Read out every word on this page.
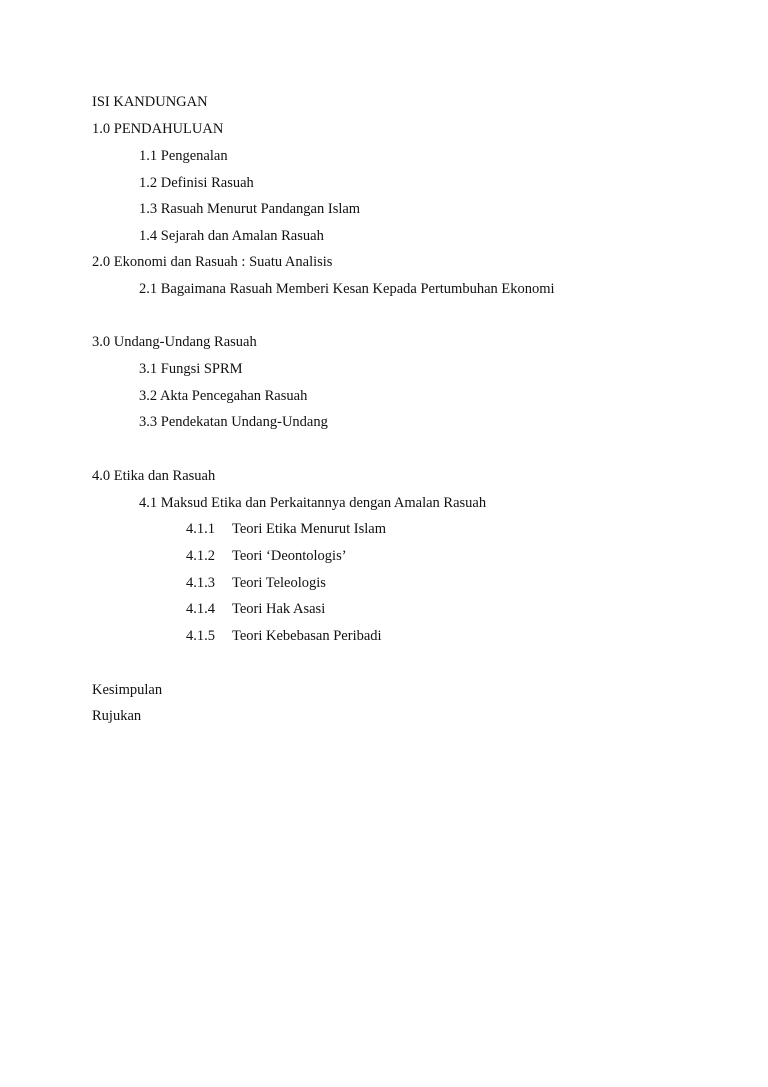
ISI KANDUNGAN
1.0 PENDAHULUAN
1.1 Pengenalan
1.2 Definisi Rasuah
1.3 Rasuah Menurut Pandangan Islam
1.4 Sejarah dan Amalan Rasuah
2.0 Ekonomi dan Rasuah : Suatu Analisis
2.1 Bagaimana Rasuah Memberi Kesan Kepada Pertumbuhan Ekonomi
3.0 Undang-Undang Rasuah
3.1 Fungsi SPRM
3.2 Akta Pencegahan Rasuah
3.3 Pendekatan Undang-Undang
4.0 Etika dan Rasuah
4.1 Maksud Etika dan Perkaitannya dengan Amalan Rasuah
4.1.1 Teori Etika Menurut Islam
4.1.2 Teori ‘Deontologis’
4.1.3 Teori Teleologis
4.1.4 Teori Hak Asasi
4.1.5 Teori Kebebasan Peribadi
Kesimpulan
Rujukan
